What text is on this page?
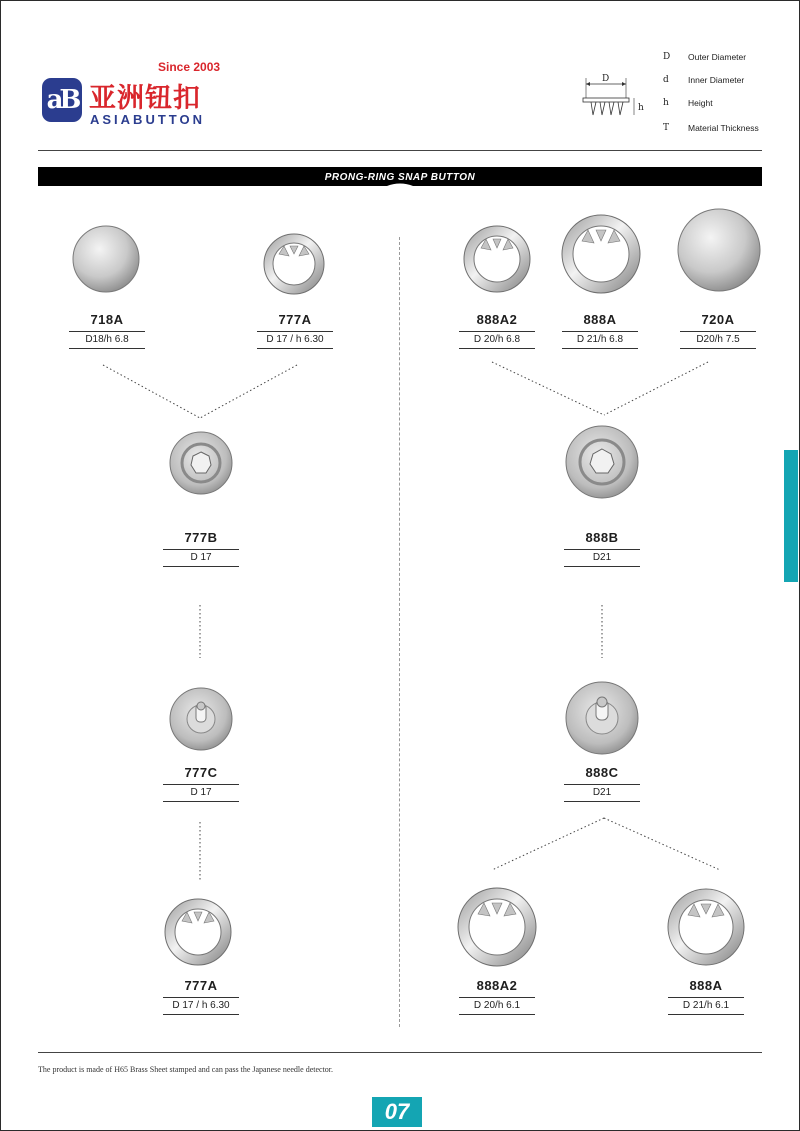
Since 2003
aB 亚洲钮扣
ASIABUTTON
D
h
D Outer Diameter
d Inner Diameter
h Height
T Material Thickness
PRONG-RING SNAP BUTTON
718A
D18/h 6.8
777A
D 17 / h 6.30
888A2
D 20/h 6.8
888A
D 21/h 6.8
720A
D20/h 7.5
777B
D 17
888B
D21
777C
D 17
888C
D21
777A
D 17 / h 6.30
888A2
D 20/h 6.1
888A
D 21/h 6.1
The product is made of H65 Brass Sheet stamped and can pass the Japanese needle detector.
07
